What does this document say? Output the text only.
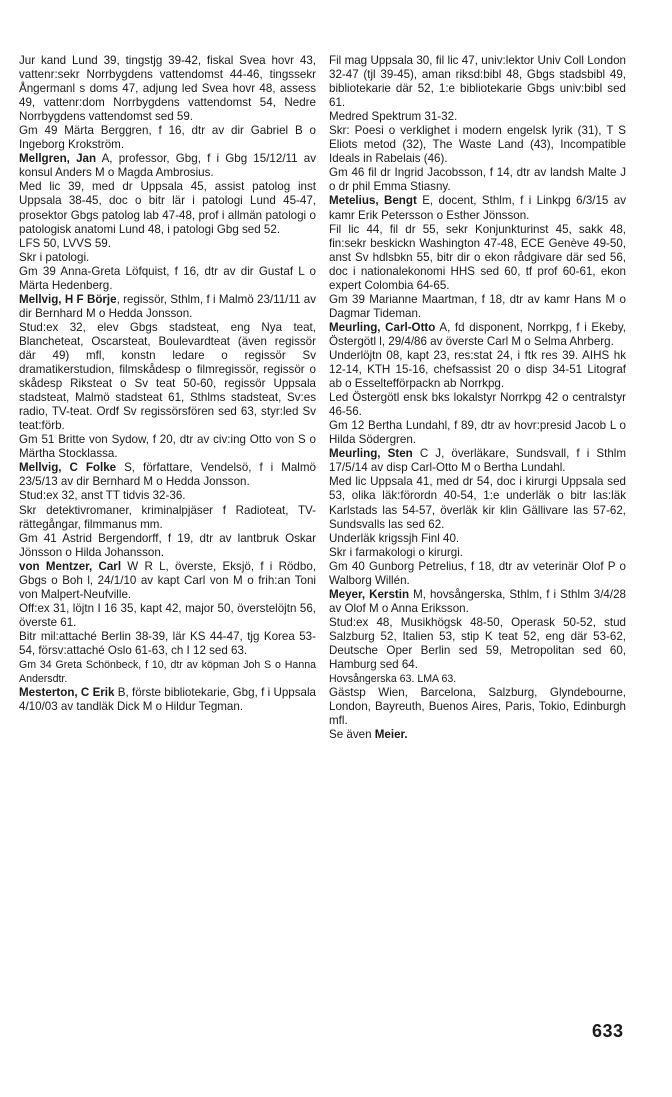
Jur kand Lund 39, tingstjg 39-42, fiskal Svea hovr 43, vattenr:sekr Norrbygdens vattendomst 44-46, tingssekr Ångermanl s doms 47, adjung led Svea hovr 48, assess 49, vattenr:dom Norrbygdens vattendomst 54, Nedre Norrbygdens vattendomst sed 59.

Gm 49 Märta Berggren, f 16, dtr av dir Gabriel B o Ingeborg Krokström.

Mellgren, Jan A, professor, Gbg, f i Gbg 15/12/11 av konsul Anders M o Magda Ambrosius.

Med lic 39, med dr Uppsala 45, assist patolog inst Uppsala 38-45, doc o bitr lär i patologi Lund 45-47, prosektor Gbgs patolog lab 47-48, prof i allmän patologi o patologisk anatomi Lund 48, i patologi Gbg sed 52.

LFS 50, LVVS 59.

Skr i patologi.

Gm 39 Anna-Greta Löfquist, f 16, dtr av dir Gustaf L o Märta Hedenberg.

Mellvig, H F Börje, regissör, Sthlm, f i Malmö 23/11/11 av dir Bernhard M o Hedda Jonsson.

Stud:ex 32, elev Gbgs stadsteat, eng Nya teat, Blancheteat, Oscarsteat, Boulevardteat (även regissör där 49) mfl, konstn ledare o regissör Sv dramatikerstudion, filmskådesp o filmregissör, regissör o skådesp Riksteat o Sv teat 50-60, regissör Uppsala stadsteat, Malmö stadsteat 61, Sthlms stadsteat, Sv:es radio, TV-teat. Ordf Sv regissörsfören sed 63, styr:led Sv teat:förb.

Gm 51 Britte von Sydow, f 20, dtr av civ:ing Otto von S o Märtha Stocklassa.

Mellvig, C Folke S, författare, Vendelsö, f i Malmö 23/5/13 av dir Bernhard M o Hedda Jonsson.

Stud:ex 32, anst TT tidvis 32-36.

Skr detektivromaner, kriminalpjäser f Radioteat, TV-rättegångar, filmmanus mm.

Gm 41 Astrid Bergendorff, f 19, dtr av lantbruk Oskar Jönsson o Hilda Johansson.

von Mentzer, Carl W R L, överste, Eksjö, f i Rödbo, Gbgs o Boh l, 24/1/10 av kapt Carl von M o frih:an Toni von Malpert-Neufville.

Off:ex 31, löjtn I 16 35, kapt 42, major 50, överstelöjtn 56, överste 61.

Bitr mil:attaché Berlin 38-39, lär KS 44-47, tjg Korea 53-54, försv:attaché Oslo 61-63, ch I 12 sed 63.

Gm 34 Greta Schönbeck, f 10, dtr av köpman Joh S o Hanna Andersdtr.

Mesterton, C Erik B, förste bibliotekarie, Gbg, f i Uppsala 4/10/03 av tandläk Dick M o Hildur Tegman.

Fil mag Uppsala 30, fil lic 47, univ:lektor Univ Coll London 32-47 (tjl 39-45), aman riksd:bibl 48, Gbgs stadsbibl 49, bibliotekarie där 52, 1:e bibliotekarie Gbgs univ:bibl sed 61.

Medred Spektrum 31-32.

Skr: Poesi o verklighet i modern engelsk lyrik (31), T S Eliots metod (32), The Waste Land (43), Incompatible Ideals in Rabelais (46).

Gm 46 fil dr Ingrid Jacobsson, f 14, dtr av landsh Malte J o dr phil Emma Stiasny.

Metelius, Bengt E, docent, Sthlm, f i Linkpg 6/3/15 av kamr Erik Petersson o Esther Jönsson.

Fil lic 44, fil dr 55, sekr Konjunkturinst 45, sakk 48, fin:sekr beskickn Washington 47-48, ECE Genève 49-50, anst Sv hdlsbkn 55, bitr dir o ekon rådgivare där sed 56, doc i nationalekonomi HHS sed 60, tf prof 60-61, ekon expert Colombia 64-65.

Gm 39 Marianne Maartman, f 18, dtr av kamr Hans M o Dagmar Tideman.

Meurling, Carl-Otto A, fd disponent, Norrkpg, f i Ekeby, Östergötl l, 29/4/86 av överste Carl M o Selma Ahrberg.

Underlöjtn 08, kapt 23, res:stat 24, i ftk res 39. AIHS hk 12-14, KTH 15-16, chefsassist 20 o disp 34-51 Litograf ab o Esseltefförpackn ab Norrkpg.

Led Östergötl ensk bks lokalstyr Norrkpg 42 o centralstyr 46-56.

Gm 12 Bertha Lundahl, f 89, dtr av hovr:presid Jacob L o Hilda Södergren.

Meurling, Sten C J, överläkare, Sundsvall, f i Sthlm 17/5/14 av disp Carl-Otto M o Bertha Lundahl.

Med lic Uppsala 41, med dr 54, doc i kirurgi Uppsala sed 53, olika läk:förordn 40-54, 1:e underläk o bitr las:läk Karlstads las 54-57, överläk kir klin Gällivare las 57-62, Sundsvalls las sed 62.

Underläk krigssjh Finl 40.

Skr i farmakologi o kirurgi.

Gm 40 Gunborg Petrelius, f 18, dtr av veterinär Olof P o Walborg Willén.

Meyer, Kerstin M, hovsångerska, Sthlm, f i Sthlm 3/4/28 av Olof M o Anna Eriksson.

Stud:ex 48, Musikhögsk 48-50, Operask 50-52, stud Salzburg 52, Italien 53, stip K teat 52, eng där 53-62, Deutsche Oper Berlin sed 59, Metropolitan sed 60, Hamburg sed 64.

Hovsångerska 63. LMA 63.

Gästsp Wien, Barcelona, Salzburg, Glyndebourne, London, Bayreuth, Buenos Aires, Paris, Tokio, Edinburgh mfl.

Se även Meier.

633
